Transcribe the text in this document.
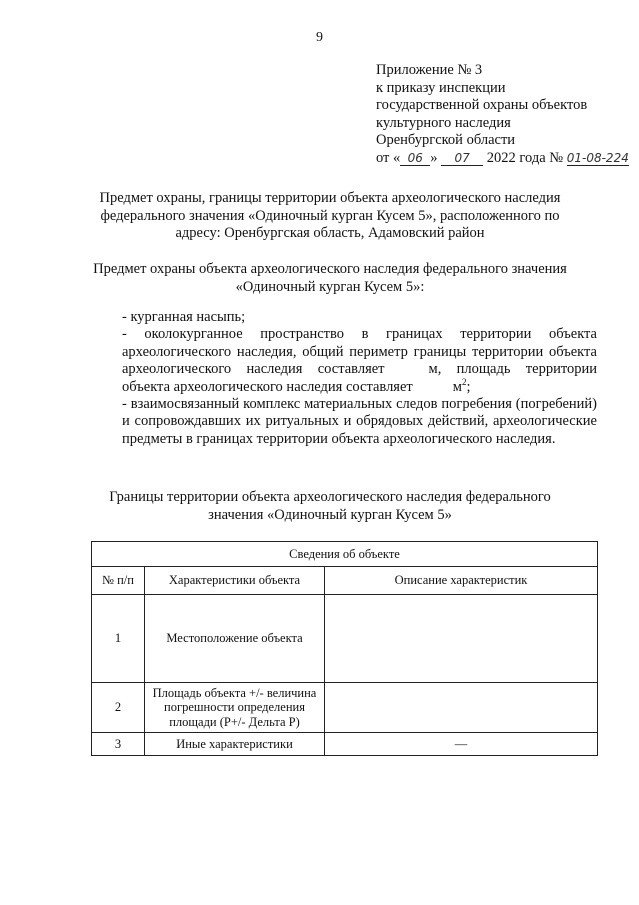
9
Приложение № 3
к приказу инспекции
государственной охраны объектов
культурного наследия
Оренбургской области
от « 06 » 07 2022 года № 01-08-224
Предмет охраны, границы территории объекта археологического наследия
федерального значения «Одиночный курган Кусем 5», расположенного по
адресу: Оренбургская область, Адамовский район
Предмет охраны объекта археологического наследия федерального значения
«Одиночный курган Кусем 5»:
- курганная насыпь;
- околокурганное пространство в границах территории объекта археологического наследия, общий периметр границы территории объекта археологического наследия составляет	м, площадь территории объекта археологического наследия составляет	$м^2$;
- взаимосвязанный комплекс материальных следов погребения (погребений) и сопровождавших их ритуальных и обрядовых действий, археологические предметы в границах территории объекта археологического наследия.
Границы территории объекта археологического наследия федерального
значения «Одиночный курган Кусем 5»
Сведения об объекте		
№ п/п	Характеристики объекта	Описание характеристик
1	Местоположение объекта	
2	Площадь объекта +/- величина погрешности определения площади (Р+/- Дельта Р)	
3	Иные характеристики	—
